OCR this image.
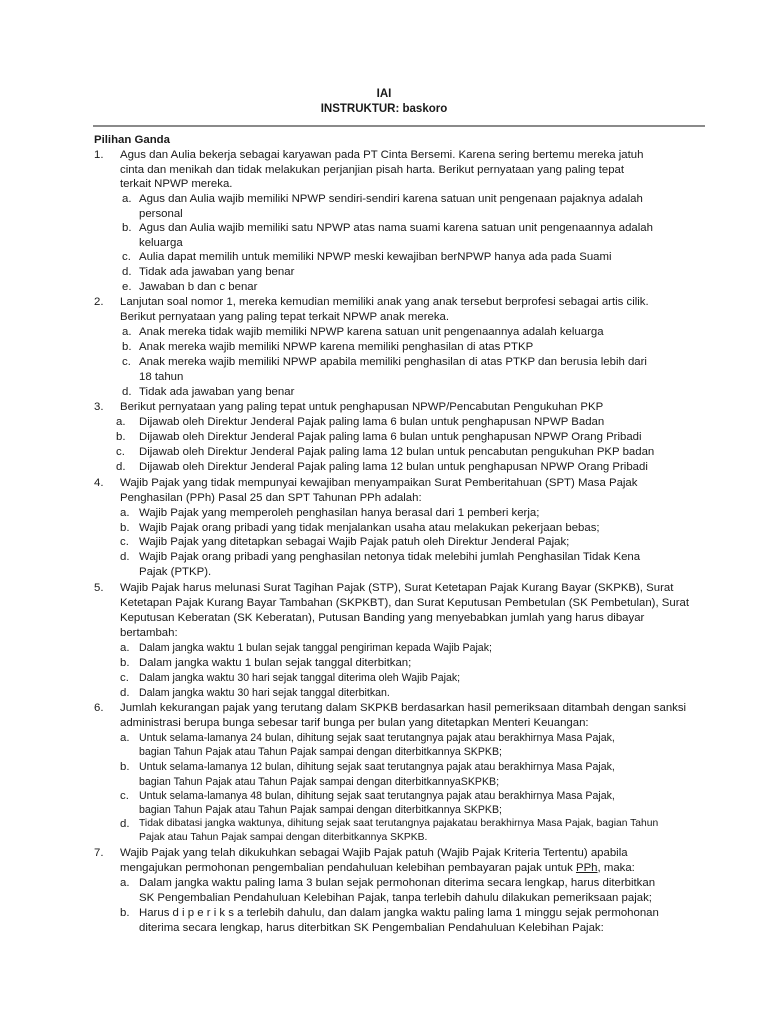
IAI
INSTRUKTUR: baskoro
Pilihan Ganda
1. Agus dan Aulia bekerja sebagai karyawan pada PT Cinta Bersemi. Karena sering bertemu mereka jatuh
cinta dan menikah dan tidak melakukan perjanjian pisah harta. Berikut pernyataan yang paling tepat
terkait NPWP mereka.
a. Agus dan Aulia wajib memiliki NPWP sendiri-sendiri karena satuan unit pengenaan pajaknya adalah
personal
b. Agus dan Aulia wajib memiliki satu NPWP atas nama suami karena satuan unit pengenaannya adalah
keluarga
c. Aulia dapat memilih untuk memiliki NPWP meski kewajiban berNPWP hanya ada pada Suami
d. Tidak ada jawaban yang benar
e. Jawaban b dan c benar
2. Lanjutan soal nomor 1, mereka kemudian memiliki anak yang anak tersebut berprofesi sebagai artis cilik.
Berikut pernyataan yang paling tepat terkait NPWP anak mereka.
a. Anak mereka tidak wajib memiliki NPWP karena satuan unit pengenaannya adalah keluarga
b. Anak mereka wajib memiliki NPWP karena memiliki penghasilan di atas PTKP
c. Anak mereka wajib memiliki NPWP apabila memiliki penghasilan di atas PTKP dan berusia lebih dari
18 tahun
d. Tidak ada jawaban yang benar
3. Berikut pernyataan yang paling tepat untuk penghapusan NPWP/Pencabutan Pengukuhan PKP
a. Dijawab oleh Direktur Jenderal Pajak paling lama 6 bulan untuk penghapusan NPWP Badan
b. Dijawab oleh Direktur Jenderal Pajak paling lama 6 bulan untuk penghapusan NPWP Orang Pribadi
c. Dijawab oleh Direktur Jenderal Pajak paling lama 12 bulan untuk pencabutan pengukuhan PKP badan
d. Dijawab oleh Direktur Jenderal Pajak paling lama 12 bulan untuk penghapusan NPWP Orang Pribadi
4. Wajib Pajak yang tidak mempunyai kewajiban menyampaikan Surat Pemberitahuan (SPT) Masa Pajak
Penghasilan (PPh) Pasal 25 dan SPT Tahunan PPh adalah:
a. Wajib Pajak yang memperoleh penghasilan hanya berasal dari 1 pemberi kerja;
b. Wajib Pajak orang pribadi yang tidak menjalankan usaha atau melakukan pekerjaan bebas;
c. Wajib Pajak yang ditetapkan sebagai Wajib Pajak patuh oleh Direktur Jenderal Pajak;
d. Wajib Pajak orang pribadi yang penghasilan netonya tidak melebihi jumlah Penghasilan Tidak Kena
Pajak (PTKP).
5. Wajib Pajak harus melunasi Surat Tagihan Pajak (STP), Surat Ketetapan Pajak Kurang Bayar (SKPKB), Surat
Ketetapan Pajak Kurang Bayar Tambahan (SKPKBT), dan Surat Keputusan Pembetulan (SK Pembetulan), Surat
Keputusan Keberatan (SK Keberatan), Putusan Banding yang menyebabkan jumlah yang harus dibayar
bertambah:
a. Dalam jangka waktu 1 bulan sejak tanggal pengiriman kepada Wajib Pajak;
b. Dalam jangka waktu 1 bulan sejak tanggal diterbitkan;
c. Dalam jangka waktu 30 hari sejak tanggal diterima oleh Wajib Pajak;
d. Dalam jangka waktu 30 hari sejak tanggal diterbitkan.
6. Jumlah kekurangan pajak yang terutang dalam SKPKB berdasarkan hasil pemeriksaan ditambah dengan sanksi
administrasi berupa bunga sebesar tarif bunga per bulan yang ditetapkan Menteri Keuangan:
a. Untuk selama-lamanya 24 bulan, dihitung sejak saat terutangnya pajak atau berakhirnya Masa Pajak,
bagian Tahun Pajak atau Tahun Pajak sampai dengan diterbitkannya SKPKB;
b. Untuk selama-lamanya 12 bulan, dihitung sejak saat terutangnya pajak atau berakhirnya Masa Pajak,
bagian Tahun Pajak atau Tahun Pajak sampai dengan diterbitkannyaSKPKB;
c. Untuk selama-lamanya 48 bulan, dihitung sejak saat terutangnya pajak atau berakhirnya Masa Pajak,
bagian Tahun Pajak atau Tahun Pajak sampai dengan diterbitkannya SKPKB;
d. Tidak dibatasi jangka waktunya, dihitung sejak saat terutangnya pajakatau berakhirnya Masa Pajak, bagian Tahun
Pajak atau Tahun Pajak sampai dengan diterbitkannya SKPKB.
7. Wajib Pajak yang telah dikukuhkan sebagai Wajib Pajak patuh (Wajib Pajak Kriteria Tertentu) apabila
mengajukan permohonan pengembalian pendahuluan kelebihan pembayaran pajak untuk PPh, maka:
a. Dalam jangka waktu paling lama 3 bulan sejak permohonan diterima secara lengkap, harus diterbitkan
SK Pengembalian Pendahuluan Kelebihan Pajak, tanpa terlebih dahulu dilakukan pemeriksaan pajak;
b. Harus d i p e r i k s a terlebih dahulu, dan dalam jangka waktu paling lama 1 minggu sejak permohonan
diterima secara lengkap, harus diterbitkan SK Pengembalian Pendahuluan Kelebihan Pajak:
